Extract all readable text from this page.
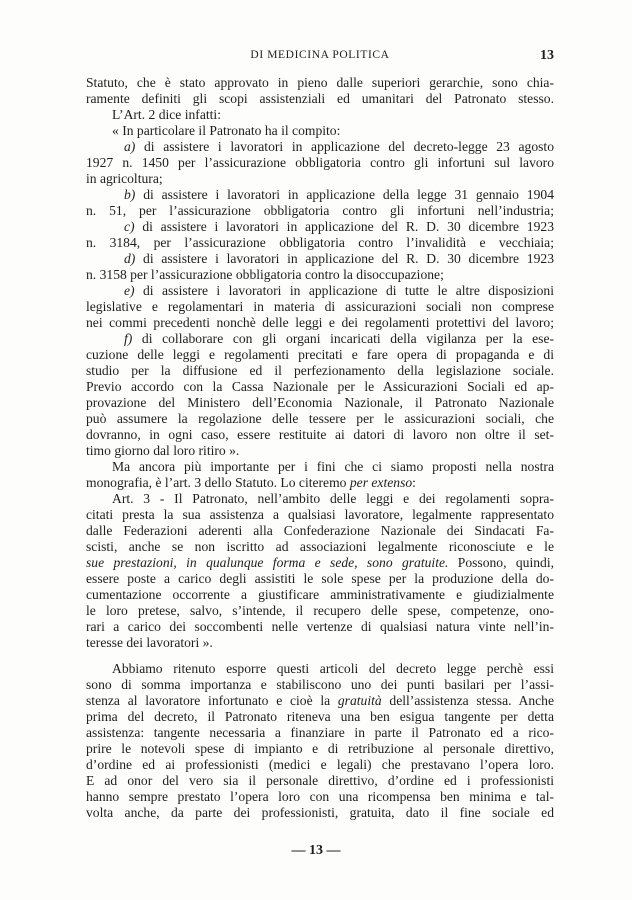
DI MEDICINA POLITICA	13
Statuto, che è stato approvato in pieno dalle superiori gerarchie, sono chia-
ramente definiti gli scopi assistenziali ed umanitari del Patronato stesso.
L’Art. 2 dice infatti:
« In particolare il Patronato ha il compito:
a) di assistere i lavoratori in applicazione del decreto-legge 23 agosto
1927 n. 1450 per l’assicurazione obbligatoria contro gli infortuni sul lavoro
in agricoltura;
b) di assistere i lavoratori in applicazione della legge 31 gennaio 1904
n. 51, per l’assicurazione obbligatoria contro gli infortuni nell’industria;
c) di assistere i lavoratori in applicazione del R. D. 30 dicembre 1923
n. 3184, per l’assicurazione obbligatoria contro l’invalidità e vecchiaia;
d) di assistere i lavoratori in applicazione del R. D. 30 dicembre 1923
n. 3158 per l’assicurazione obbligatoria contro la disoccupazione;
e) di assistere i lavoratori in applicazione di tutte le altre disposizioni
legislative e regolamentari in materia di assicurazioni sociali non comprese
nei commi precedenti nonchè delle leggi e dei regolamenti protettivi del lavoro;
f) di collaborare con gli organi incaricati della vigilanza per la ese-
cuzione delle leggi e regolamenti precitati e fare opera di propaganda e di
studio per la diffusione ed il perfezionamento della legislazione sociale.
Previo accordo con la Cassa Nazionale per le Assicurazioni Sociali ed ap-
provazione del Ministero dell’Economia Nazionale, il Patronato Nazionale
può assumere la regolazione delle tessere per le assicurazioni sociali, che
dovranno, in ogni caso, essere restituite ai datori di lavoro non oltre il set-
timo giorno dal loro ritiro ».
Ma ancora più importante per i fini che ci siamo proposti nella nostra
monografia, è l’art. 3 dello Statuto. Lo citeremo per extenso:
Art. 3 - Il Patronato, nell’ambito delle leggi e dei regolamenti sopra-
citati presta la sua assistenza a qualsiasi lavoratore, legalmente rappresentato
dalle Federazioni aderenti alla Confederazione Nazionale dei Sindacati Fa-
scisti, anche se non iscritto ad associazioni legalmente riconosciute e le
sue prestazioni, in qualunque forma e sede, sono gratuite. Possono, quindi,
essere poste a carico degli assistiti le sole spese per la produzione della do-
cumentazione occorrente a giustificare amministrativamente e giudizialmente
le loro pretese, salvo, s’intende, il recupero delle spese, competenze, ono-
rari a carico dei soccombenti nelle vertenze di qualsiasi natura vinte nell’in-
teresse dei lavoratori ».
Abbiamo ritenuto esporre questi articoli del decreto legge perchè essi
sono di somma importanza e stabiliscono uno dei punti basilari per l’assi-
stenza al lavoratore infortunato e cioè la gratuità dell’assistenza stessa. Anche
prima del decreto, il Patronato riteneva una ben esigua tangente per detta
assistenza: tangente necessaria a finanziare in parte il Patronato ed a rico-
prire le notevoli spese di impianto e di retribuzione al personale direttivo,
d’ordine ed ai professionisti (medici e legali) che prestavano l’opera loro.
E ad onor del vero sia il personale direttivo, d’ordine ed i professionisti
hanno sempre prestato l’opera loro con una ricompensa ben minima e tal-
volta anche, da parte dei professionisti, gratuita, dato il fine sociale ed
— 13 —
